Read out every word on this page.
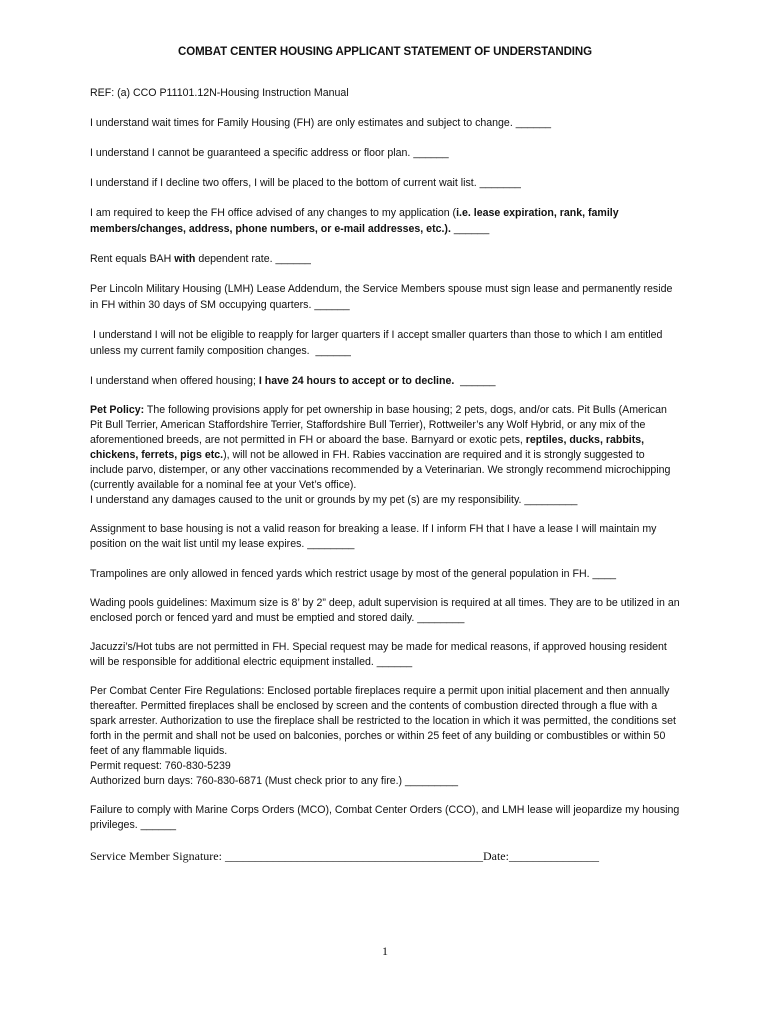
COMBAT CENTER HOUSING APPLICANT STATEMENT OF UNDERSTANDING
REF: (a) CCO P11101.12N-Housing Instruction Manual
I understand wait times for Family Housing (FH) are only estimates and subject to change. ______
I understand I cannot be guaranteed a specific address or floor plan. ______
I understand if I decline two offers, I will be placed to the bottom of current wait list. _______
I am required to keep the FH office advised of any changes to my application (i.e. lease expiration, rank, family members/changes, address, phone numbers, or e-mail addresses, etc.). ______
Rent equals BAH with dependent rate. ______
Per Lincoln Military Housing (LMH) Lease Addendum, the Service Members spouse must sign lease and permanently reside in FH within 30 days of SM occupying quarters. ______
I understand I will not be eligible to reapply for larger quarters if I accept smaller quarters than those to which I am entitled unless my current family composition changes.  ______
I understand when offered housing; I have 24 hours to accept or to decline.  ______
Pet Policy: The following provisions apply for pet ownership in base housing; 2 pets, dogs, and/or cats. Pit Bulls (American Pit Bull Terrier, American Staffordshire Terrier, Staffordshire Bull Terrier), Rottweiler’s any Wolf Hybrid, or any mix of the aforementioned breeds, are not permitted in FH or aboard the base. Barnyard or exotic pets, reptiles, ducks, rabbits, chickens, ferrets, pigs etc.), will not be allowed in FH. Rabies vaccination are required and it is strongly suggested to include parvo, distemper, or any other vaccinations recommended by a Veterinarian. We strongly recommend microchipping (currently available for a nominal fee at your Vet’s office).
I understand any damages caused to the unit or grounds by my pet (s) are my responsibility. _________
Assignment to base housing is not a valid reason for breaking a lease. If I inform FH that I have a lease I will maintain my position on the wait list until my lease expires. ________
Trampolines are only allowed in fenced yards which restrict usage by most of the general population in FH. ____
Wading pools guidelines: Maximum size is 8’ by 2” deep, adult supervision is required at all times. They are to be utilized in an enclosed porch or fenced yard and must be emptied and stored daily. ________
Jacuzzi’s/Hot tubs are not permitted in FH. Special request may be made for medical reasons, if approved housing resident will be responsible for additional electric equipment installed. ______
Per Combat Center Fire Regulations: Enclosed portable fireplaces require a permit upon initial placement and then annually thereafter. Permitted fireplaces shall be enclosed by screen and the contents of combustion directed through a flue with a spark arrester. Authorization to use the fireplace shall be restricted to the location in which it was permitted, the conditions set forth in the permit and shall not be used on balconies, porches or within 25 feet of any building or combustibles or within 50 feet of any flammable liquids.
Permit request: 760-830-5239
Authorized burn days: 760-830-6871 (Must check prior to any fire.) _________
Failure to comply with Marine Corps Orders (MCO), Combat Center Orders (CCO), and LMH lease will jeopardize my housing privileges. ______
Service Member Signature: ___________________________________________Date:_______________
1
